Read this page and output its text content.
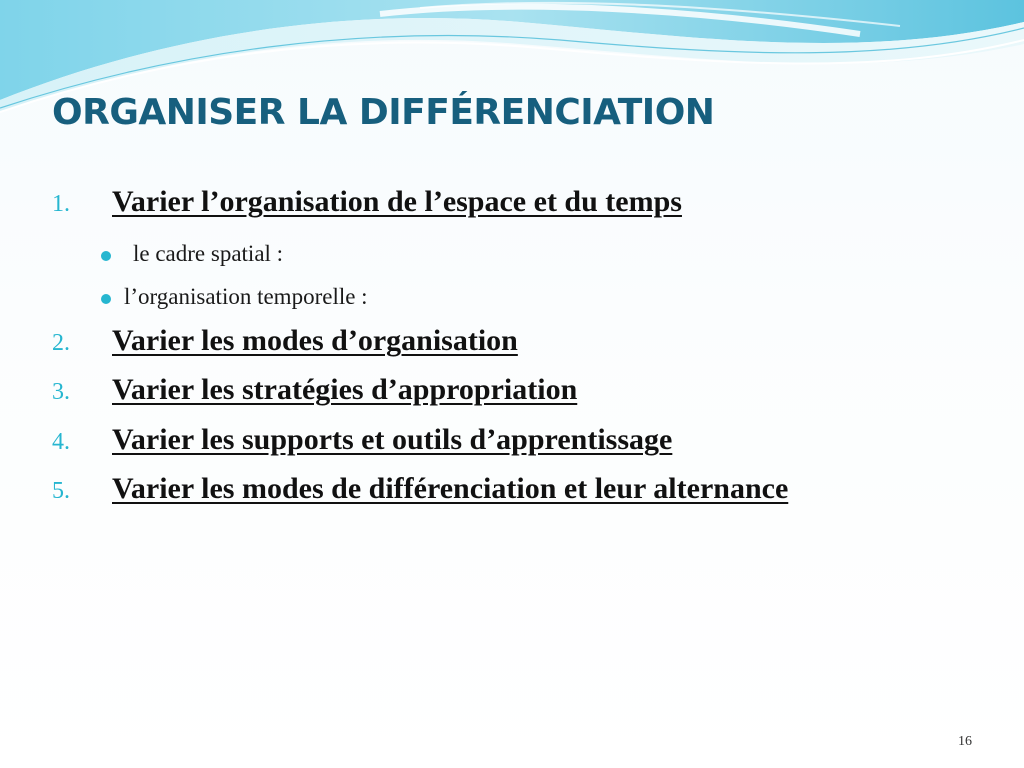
ORGANISER LA DIFFÉRENCIATION
1. Varier l’organisation de l’espace et du temps
le cadre spatial :
l’organisation temporelle :
2. Varier les modes d’organisation
3. Varier les stratégies d’appropriation
4. Varier les supports et outils d’apprentissage
5. Varier les modes de différenciation et leur alternance
16
